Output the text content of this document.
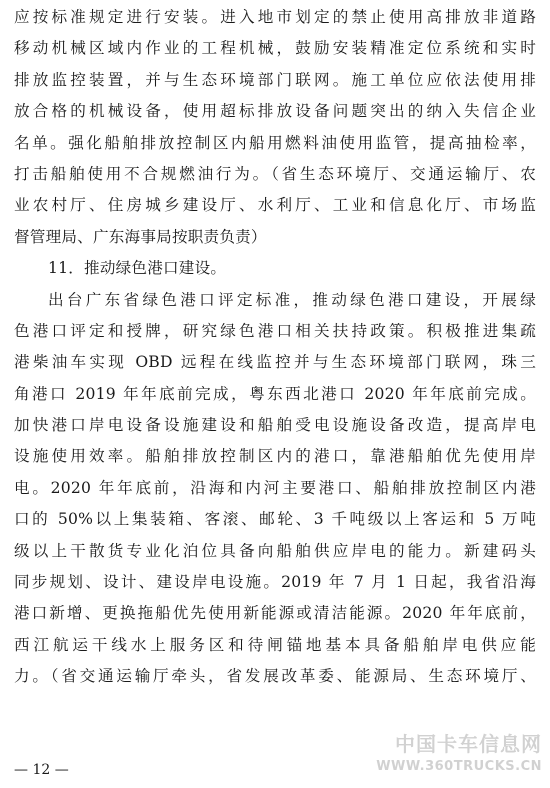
应按标准规定进行安装。进入地市划定的禁止使用高排放非道路
移动机械区域内作业的工程机械，鼓励安装精准定位系统和实时
排放监控装置，并与生态环境部门联网。施工单位应依法使用排
放合格的机械设备，使用超标排放设备问题突出的纳入失信企业
名单。强化船舶排放控制区内船用燃料油使用监管，提高抽检率，
打击船舶使用不合规燃油行为。（省生态环境厅、交通运输厅、农
业农村厅、住房城乡建设厅、水利厅、工业和信息化厅、市场监
督管理局、广东海事局按职责负责）
11．推动绿色港口建设。
出台广东省绿色港口评定标准，推动绿色港口建设，开展绿
色港口评定和授牌，研究绿色港口相关扶持政策。积极推进集疏
港柴油车实现 OBD 远程在线监控并与生态环境部门联网，珠三
角港口 2019 年年底前完成，粤东西北港口 2020 年年底前完成。
加快港口岸电设备设施建设和船舶受电设施设备改造，提高岸电
设施使用效率。船舶排放控制区内的港口，靠港船舶优先使用岸
电。2020 年年底前，沿海和内河主要港口、船舶排放控制区内港
口的 50%以上集装箱、客滚、邮轮、3 千吨级以上客运和 5 万吨
级以上干散货专业化泊位具备向船舶供应岸电的能力。新建码头
同步规划、设计、建设岸电设施。2019 年 7 月 1 日起，我省沿海
港口新增、更换拖船优先使用新能源或清洁能源。2020 年年底前，
西江航运干线水上服务区和待闸锚地基本具备船舶岸电供应能
力。（省交通运输厅牵头，省发展改革委、能源局、生态环境厅、
— 12 —
中国卡车信息网
WWW.360TRUCKS.CN
